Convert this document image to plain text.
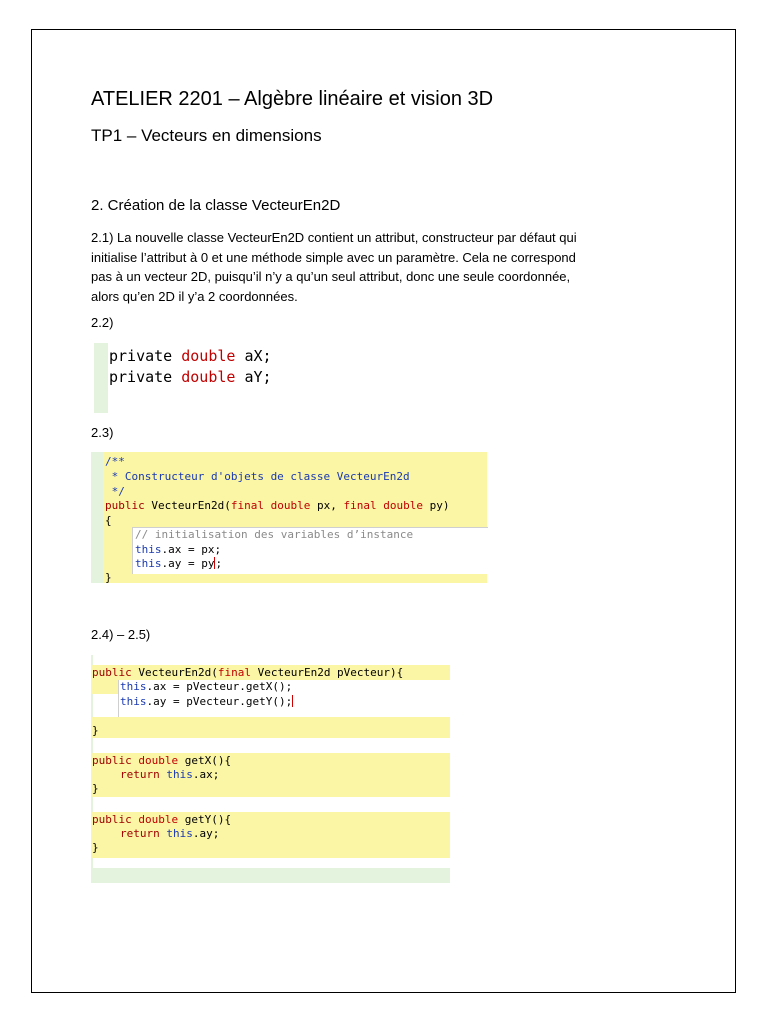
ATELIER 2201 – Algèbre linéaire et vision 3D
TP1 – Vecteurs en dimensions
2. Création de la classe VecteurEn2D
2.1) La nouvelle classe VecteurEn2D contient un attribut, constructeur par défaut qui
initialise l’attribut à 0 et une méthode simple avec un paramètre. Cela ne correspond
pas à un vecteur 2D, puisqu’il n’y a qu’un seul attribut, donc une seule coordonnée,
alors qu’en 2D il y’a 2 coordonnées.
2.2)
private double aX;
private double aY;
2.3)
/**
* Constructeur d'objets de classe VecteurEn2d
*/
public VecteurEn2d(final double px, final double py)
{
// initialisation des variables d’instance
this.ax = px;
this.ay = py;
}
2.4) – 2.5)
public VecteurEn2d(final VecteurEn2d pVecteur){
this.ax = pVecteur.getX();
this.ay = pVecteur.getY();
}
public double getX(){
return this.ax;
}
public double getY(){
return this.ay;
}
